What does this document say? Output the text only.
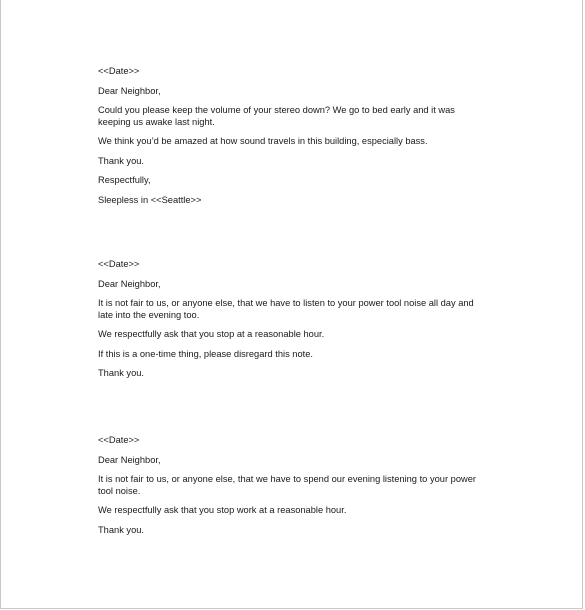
<<Date>>

Dear Neighbor,

Could you please keep the volume of your stereo down? We go to bed early and it was keeping us awake last night.

We think you’d be amazed at how sound travels in this building, especially bass.

Thank you.

Respectfully,

Sleepless in <<Seattle>>

<<Date>>

Dear Neighbor,

It is not fair to us, or anyone else, that we have to listen to your power tool noise all day and late into the evening too.

We respectfully ask that you stop at a reasonable hour.

If this is a one-time thing, please disregard this note.

Thank you.

<<Date>>

Dear Neighbor,

It is not fair to us, or anyone else, that we have to spend our evening listening to your power tool noise.

We respectfully ask that you stop work at a reasonable hour.

Thank you.
